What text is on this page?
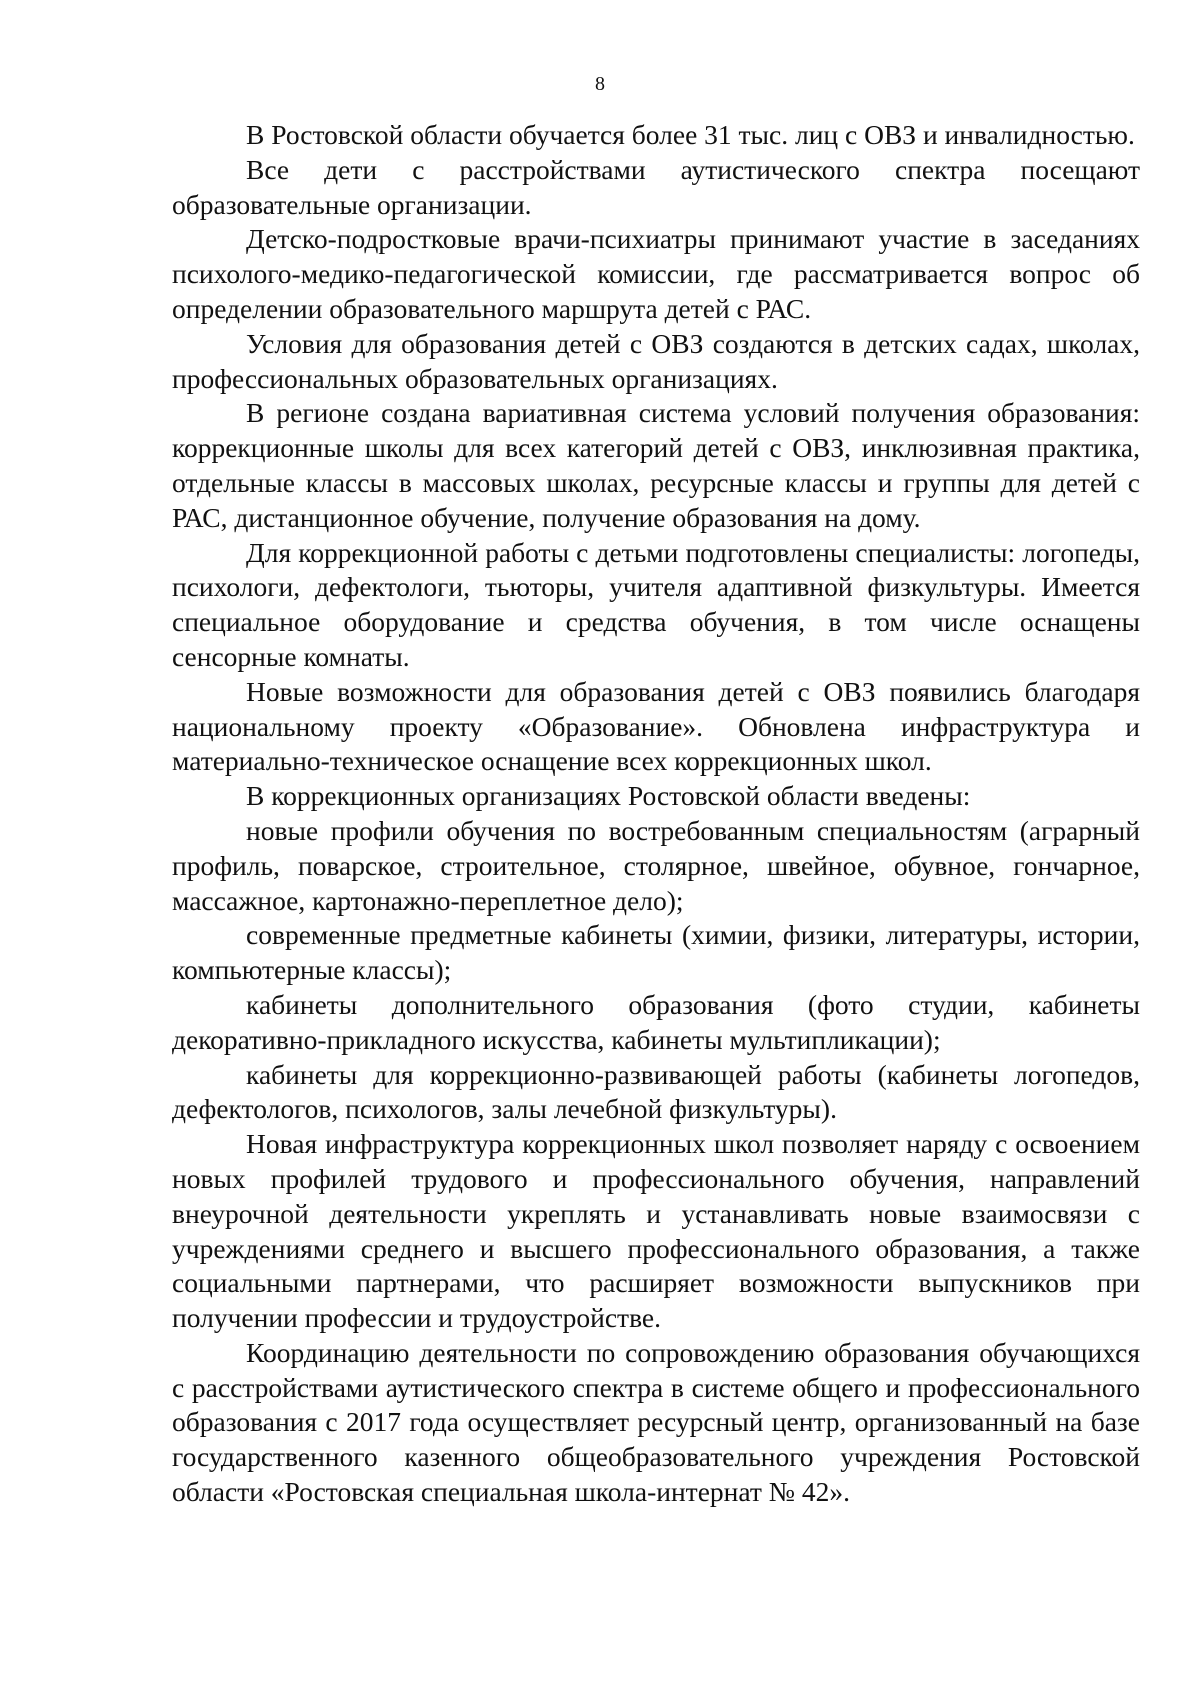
8

В Ростовской области обучается более 31 тыс. лиц с ОВЗ и инвалидностью.

Все дети с расстройствами аутистического спектра посещают образовательные организации.

Детско-подростковые врачи-психиатры принимают участие в заседаниях психолого-медико-педагогической комиссии, где рассматривается вопрос об определении образовательного маршрута детей с РАС.

Условия для образования детей с ОВЗ создаются в детских садах, школах, профессиональных образовательных организациях.

В регионе создана вариативная система условий получения образования: коррекционные школы для всех категорий детей с ОВЗ, инклюзивная практика, отдельные классы в массовых школах, ресурсные классы и группы для детей с РАС, дистанционное обучение, получение образования на дому.

Для коррекционной работы с детьми подготовлены специалисты: логопеды, психологи, дефектологи, тьюторы, учителя адаптивной физкультуры. Имеется специальное оборудование и средства обучения, в том числе оснащены сенсорные комнаты.

Новые возможности для образования детей с ОВЗ появились благодаря национальному проекту «Образование». Обновлена инфраструктура и материально-техническое оснащение всех коррекционных школ.

В коррекционных организациях Ростовской области введены:

новые профили обучения по востребованным специальностям (аграрный профиль, поварское, строительное, столярное, швейное, обувное, гончарное, массажное, картонажно-переплетное дело);

современные предметные кабинеты (химии, физики, литературы, истории, компьютерные классы);

кабинеты дополнительного образования (фото студии, кабинеты декоративно-прикладного искусства, кабинеты мультипликации);

кабинеты для коррекционно-развивающей работы (кабинеты логопедов, дефектологов, психологов, залы лечебной физкультуры).

Новая инфраструктура коррекционных школ позволяет наряду с освоением новых профилей трудового и профессионального обучения, направлений внеурочной деятельности укреплять и устанавливать новые взаимосвязи с учреждениями среднего и высшего профессионального образования, а также социальными партнерами, что расширяет возможности выпускников при получении профессии и трудоустройстве.

Координацию деятельности по сопровождению образования обучающихся с расстройствами аутистического спектра в системе общего и профессионального образования с 2017 года осуществляет ресурсный центр, организованный на базе государственного казенного общеобразовательного учреждения Ростовской области «Ростовская специальная школа-интернат № 42».
